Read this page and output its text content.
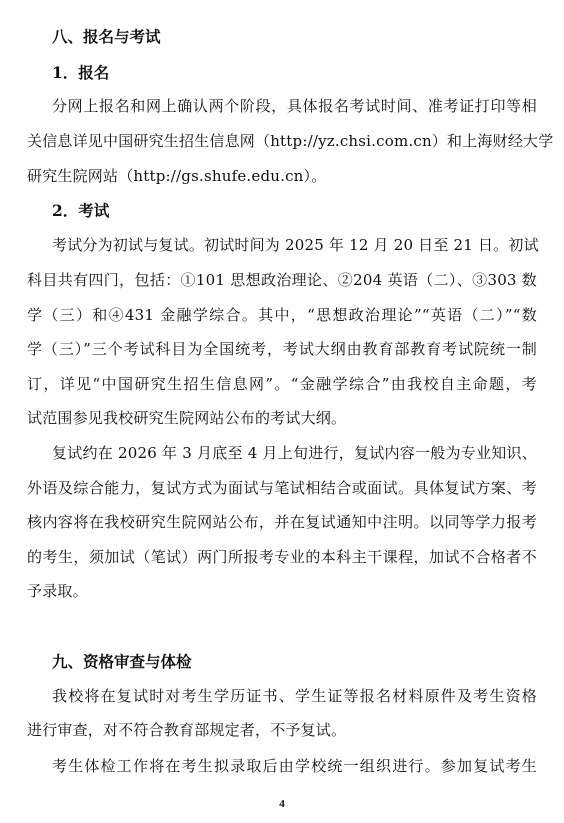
八、报名与考试
1．报名
分网上报名和网上确认两个阶段，具体报名考试时间、准考证打印等相
关信息详见中国研究生招生信息网（http://yz.chsi.com.cn）和上海财经大学
研究生院网站（http://gs.shufe.edu.cn）。
2．考试
考试分为初试与复试。初试时间为 2025 年 12 月 20 日至 21 日。初试
科目共有四门，包括：①101 思想政治理论、②204 英语（二）、③303 数
学（三）和④431 金融学综合。其中，“思想政治理论”“英语（二）”“数
学（三）”三个考试科目为全国统考，考试大纲由教育部教育考试院统一制
订，详见“中国研究生招生信息网”。“金融学综合”由我校自主命题，考
试范围参见我校研究生院网站公布的考试大纲。
复试约在 2026 年 3 月底至 4 月上旬进行，复试内容一般为专业知识、
外语及综合能力，复试方式为面试与笔试相结合或面试。具体复试方案、考
核内容将在我校研究生院网站公布，并在复试通知中注明。以同等学力报考
的考生，须加试（笔试）两门所报考专业的本科主干课程，加试不合格者不
予录取。
九、资格审查与体检
我校将在复试时对考生学历证书、学生证等报名材料原件及考生资格
进行审查，对不符合教育部规定者，不予复试。
考生体检工作将在考生拟录取后由学校统一组织进行。参加复试考生
4
